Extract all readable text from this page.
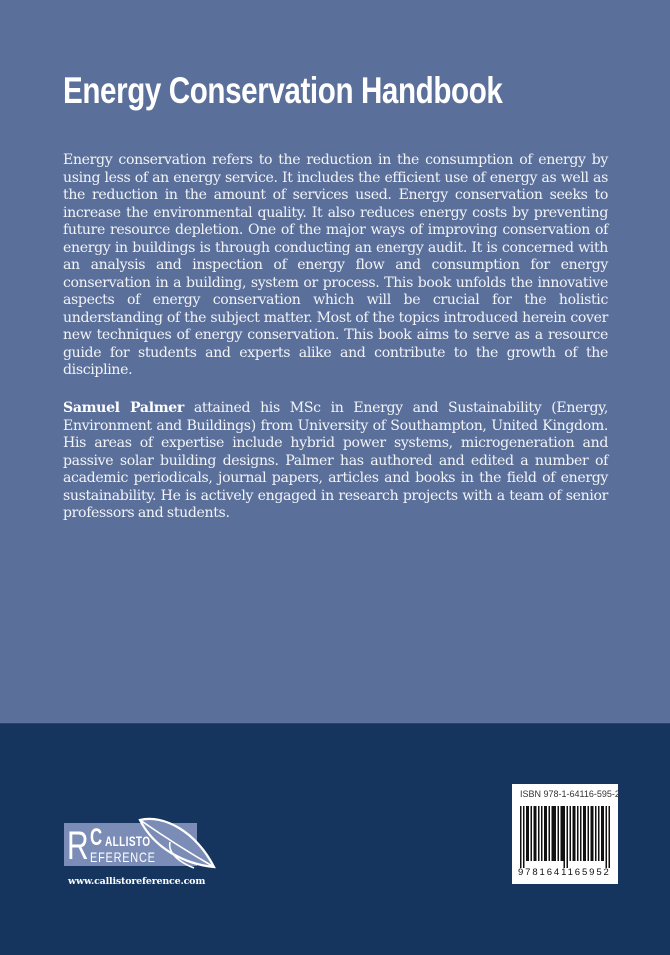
Energy Conservation Handbook

Energy conservation refers to the reduction in the consumption of energy by using less of an energy service. It includes the efficient use of energy as well as the reduction in the amount of services used. Energy conservation seeks to increase the environmental quality. It also reduces energy costs by preventing future resource depletion. One of the major ways of improving conservation of energy in buildings is through conducting an energy audit. It is concerned with an analysis and inspection of energy flow and consumption for energy conservation in a building, system or process. This book unfolds the innovative aspects of energy conservation which will be crucial for the holistic understanding of the subject matter. Most of the topics introduced herein cover new techniques of energy conservation. This book aims to serve as a resource guide for students and experts alike and contribute to the growth of the discipline.

Samuel Palmer attained his MSc in Energy and Sustainability (Energy, Environment and Buildings) from University of Southampton, United Kingdom. His areas of expertise include hybrid power systems, microgeneration and passive solar building designs. Palmer has authored and edited a number of academic periodicals, journal papers, articles and books in the field of energy sustainability. He is actively engaged in research projects with a team of senior professors and students.

R C ALLISTO
EFERENCE
www.callistoreference.com
ISBN 978-1-64116-595-2
9781641165952
